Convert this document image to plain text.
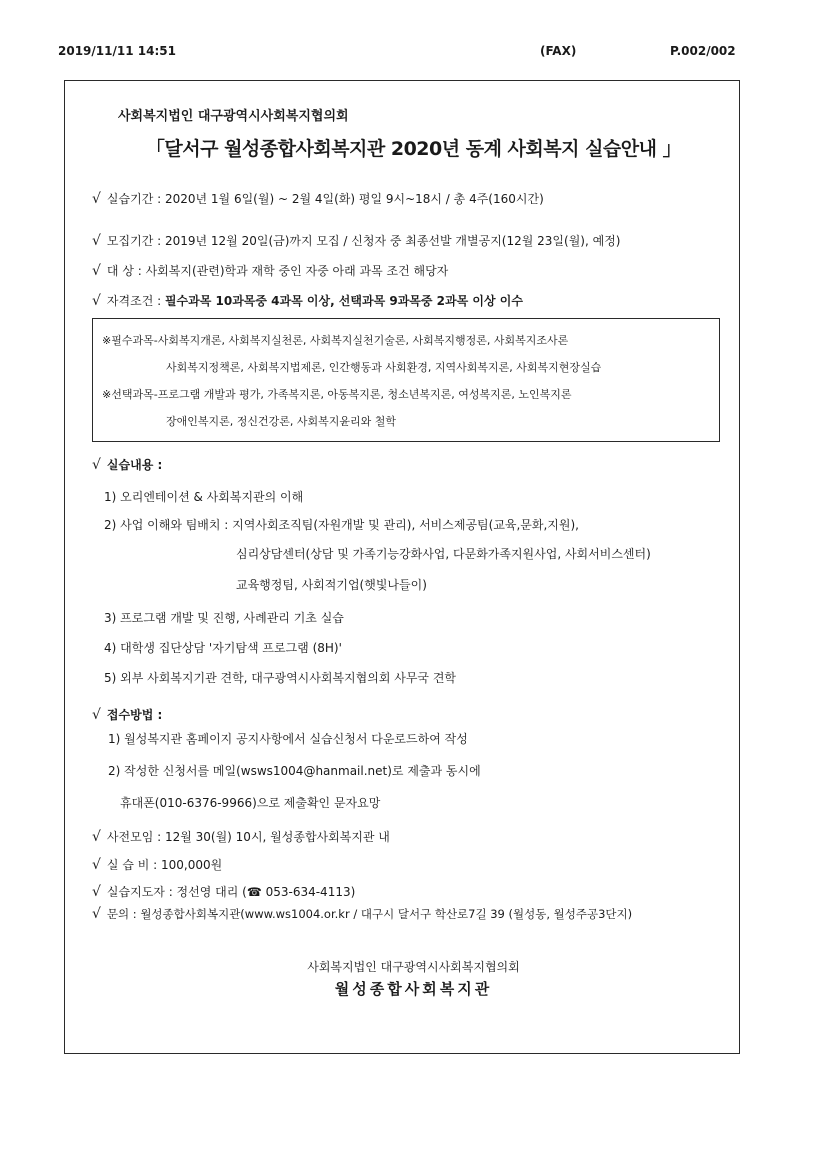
2019/11/11 14:51	(FAX)	P.002/002
사회복지법인 대구광역시사회복지협의회
「달서구 월성종합사회복지관 2020년 동계 사회복지 실습안내 」
√ 실습기간 : 2020년 1월 6일(월) ~ 2월 4일(화) 평일 9시~18시 / 총 4주(160시간)
√ 모집기간 : 2019년 12월 20일(금)까지 모집 / 신청자 중 최종선발 개별공지(12월 23일(월), 예정)
√ 대 상 : 사회복지(관련)학과 재학 중인 자중 아래 과목 조건 해당자
√ 자격조건 : 필수과목 10과목중 4과목 이상, 선택과목 9과목중 2과목 이상 이수
※필수과목-사회복지개론, 사회복지실천론, 사회복지실천기술론, 사회복지행정론, 사회복지조사론
사회복지정책론, 사회복지법제론, 인간행동과 사회환경, 지역사회복지론, 사회복지현장실습
※선택과목-프로그램 개발과 평가, 가족복지론, 아동복지론, 청소년복지론, 여성복지론, 노인복지론
장애인복지론, 정신건강론, 사회복지윤리와 철학
√ 실습내용 :
1) 오리엔테이션 & 사회복지관의 이해
2) 사업 이해와 팀배치 : 지역사회조직팀(자원개발 및 관리), 서비스제공팀(교육,문화,지원),
심리상담센터(상담 및 가족기능강화사업, 다문화가족지원사업, 사회서비스센터)
교육행정팀, 사회적기업(햇빛나들이)
3) 프로그램 개발 및 진행, 사례관리 기초 실습
4) 대학생 집단상담 '자기탐색 프로그램 (8H)'
5) 외부 사회복지기관 견학, 대구광역시사회복지협의회 사무국 견학
√ 접수방법 :
1) 월성복지관 홈페이지 공지사항에서 실습신청서 다운로드하여 작성
2) 작성한 신청서를 메일(wsws1004@hanmail.net)로 제출과 동시에
휴대폰(010-6376-9966)으로 제출확인 문자요망
√ 사전모임 : 12월 30(월) 10시, 월성종합사회복지관 내
√ 실 습 비 : 100,000원
√ 실습지도자 : 정선영 대리 (☎ 053-634-4113)
√ 문의 : 월성종합사회복지관(www.ws1004.or.kr / 대구시 달서구 학산로7길 39 (월성동, 월성주공3단지)
사회복지법인 대구광역시사회복지협의회
월성종합사회복지관
